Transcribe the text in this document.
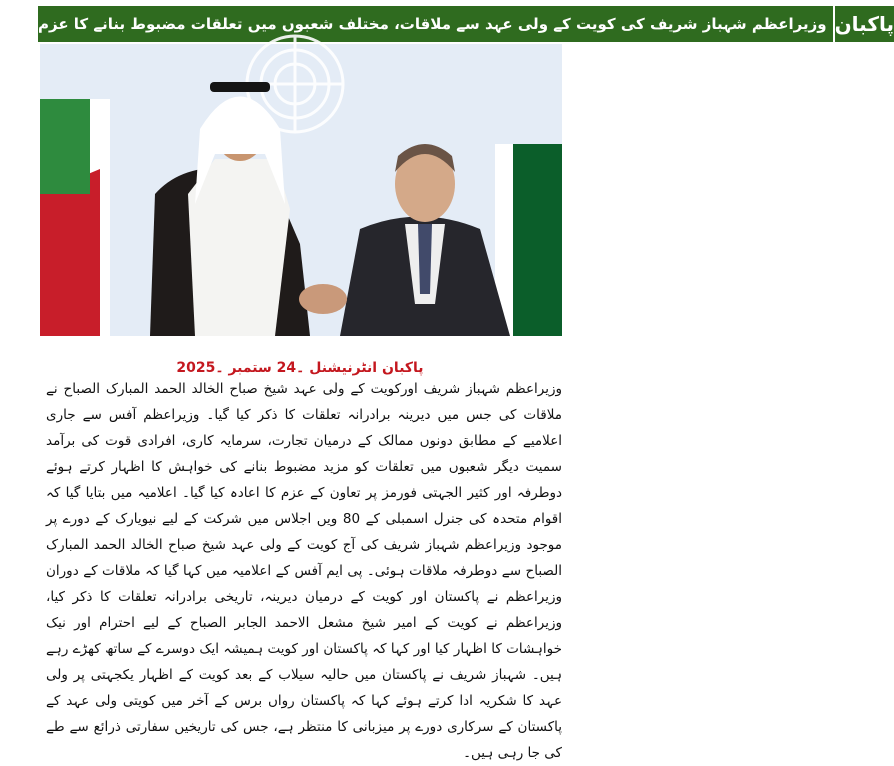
وزیراعظم شہباز شریف کی کویت کے ولی عہد سے ملاقات، مختلف شعبوں میں تعلقات مضبوط بنانے کا عزم پاکبان
پاکبان انٹرنیشنل ۔24 ستمبر ۔2025
وزیراعظم شہباز شریف اورکویت کے ولی عہد شیخ صباح الخالد الحمد المبارک الصباح نے ملاقات کی جس میں دیرینہ برادرانہ تعلقات کا ذکر کیا گیا۔ وزیراعظم آفس سے جاری اعلامیے کے مطابق دونوں ممالک کے درمیان تجارت، سرمایہ کاری، افرادی قوت کی برآمد سمیت دیگر شعبوں میں تعلقات کو مزید مضبوط بنانے کی خواہش کا اظہار کرتے ہوئے دوطرفہ اور کثیر الجہتی فورمز پر تعاون کے عزم کا اعادہ کیا گیا۔ اعلامیہ میں بتایا گیا کہ اقوام متحدہ کی جنرل اسمبلی کے 80 ویں اجلاس میں شرکت کے لیے نیویارک کے دورے پر موجود وزیراعظم شہباز شریف کی آج کویت کے ولی عہد شیخ صباح الخالد الحمد المبارک الصباح سے دوطرفہ ملاقات ہوئی۔ پی ایم آفس کے اعلامیہ میں کہا گیا کہ ملاقات کے دوران وزیراعظم نے پاکستان اور کویت کے درمیان دیرینہ، تاریخی برادرانہ تعلقات کا ذکر کیا، وزیراعظم نے کویت کے امیر شیخ مشعل الاحمد الجابر الصباح کے لیے احترام اور نیک خواہشات کا اظہار کیا اور کہا کہ پاکستان اور کویت ہمیشہ ایک دوسرے کے ساتھ کھڑے رہے ہیں۔ شہباز شریف نے پاکستان میں حالیہ سیلاب کے بعد کویت کے اظہار یکجہتی پر ولی عہد کا شکریہ ادا کرتے ہوئے کہا کہ پاکستان رواں برس کے آخر میں کویتی ولی عہد کے پاکستان کے سرکاری دورے پر میزبانی کا منتظر ہے، جس کی تاریخیں سفارتی ذرائع سے طے کی جا رہی ہیں۔
